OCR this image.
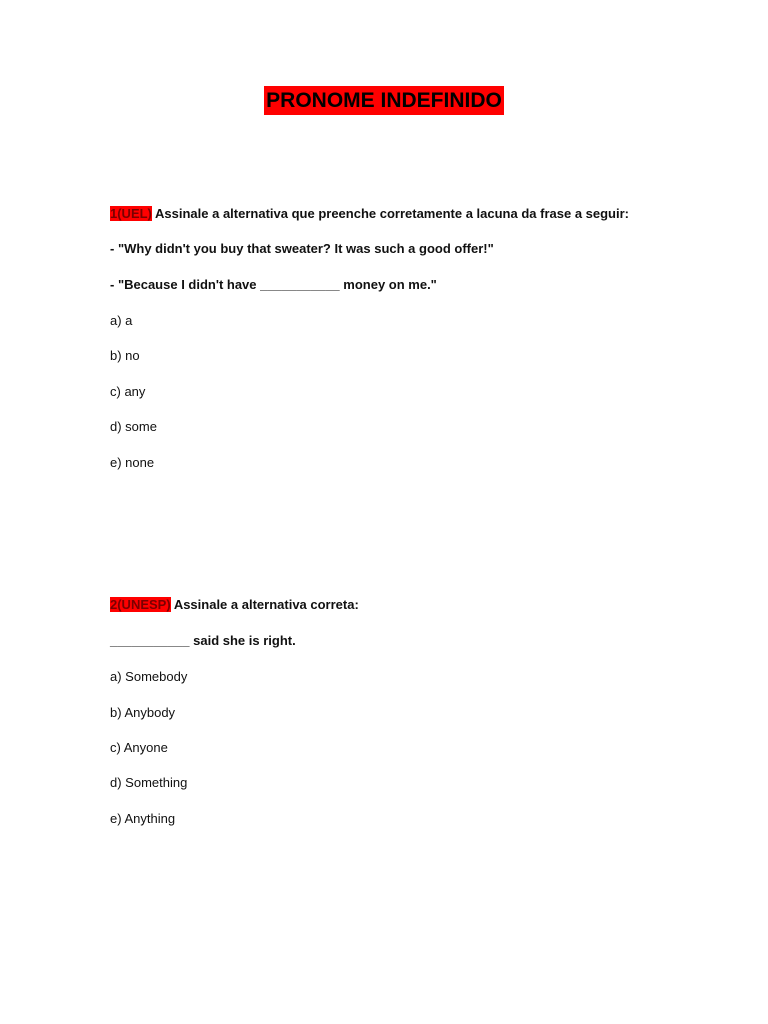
PRONOME INDEFINIDO
1(UEL) Assinale a alternativa que preenche corretamente a lacuna da frase a seguir:
- "Why didn't you buy that sweater? It was such a good offer!"
- "Because I didn't have ___________ money on me."
a) a
b) no
c) any
d) some
e) none
2(UNESP) Assinale a alternativa correta:
___________ said she is right.
a) Somebody
b) Anybody
c) Anyone
d) Something
e) Anything
